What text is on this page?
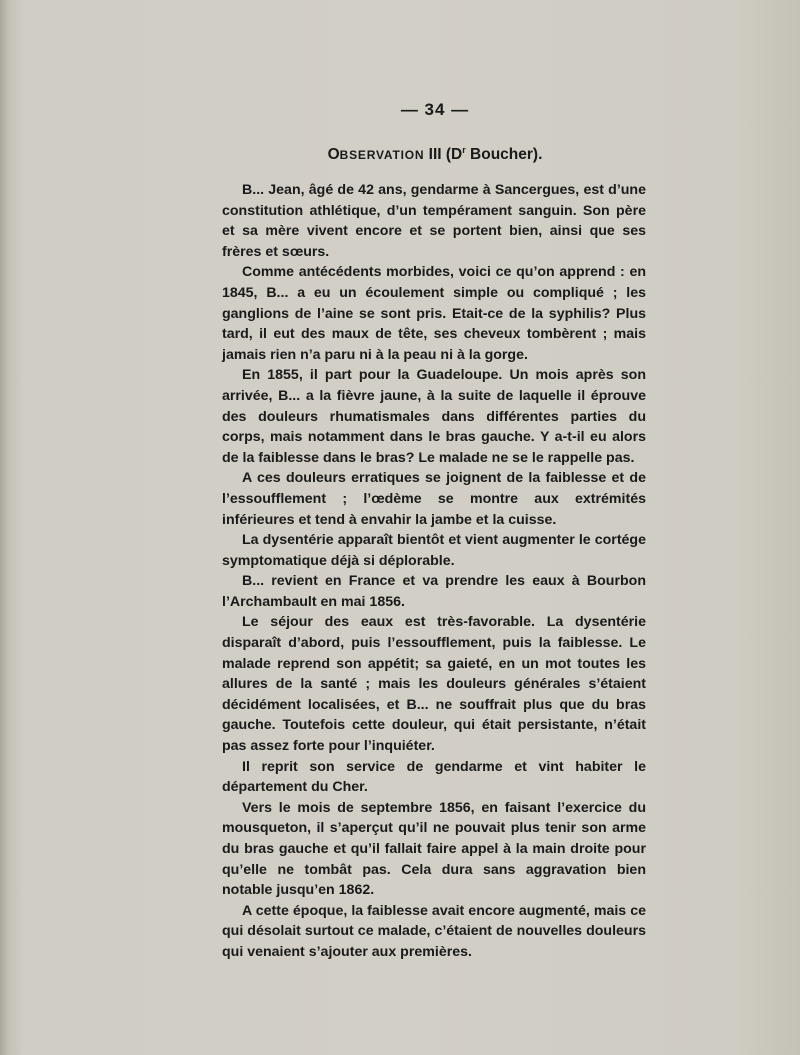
— 34 —
OBSERVATION III ($D^r$ Boucher).

B... Jean, âgé de 42 ans, gendarme à Sancergues, est d’une constitution athlétique, d’un tempérament sanguin. Son père et sa mère vivent encore et se portent bien, ainsi que ses frères et sœurs.

Comme antécédents morbides, voici ce qu’on apprend : en 1845, B... a eu un écoulement simple ou compliqué ; les ganglions de l’aine se sont pris. Etait-ce de la syphilis? Plus tard, il eut des maux de tête, ses cheveux tombèrent ; mais jamais rien n’a paru ni à la peau ni à la gorge.

En 1855, il part pour la Guadeloupe. Un mois après son arrivée, B... a la fièvre jaune, à la suite de laquelle il éprouve des douleurs rhumatismales dans différentes parties du corps, mais notamment dans le bras gauche. Y a-t-il eu alors de la faiblesse dans le bras? Le malade ne se le rappelle pas.

A ces douleurs erratiques se joignent de la faiblesse et de l’essoufflement ; l’œdème se montre aux extrémités inférieures et tend à envahir la jambe et la cuisse.

La dysentérie apparaît bientôt et vient augmenter le cortége symptomatique déjà si déplorable.

B... revient en France et va prendre les eaux à Bourbon l’Archambault en mai 1856.

Le séjour des eaux est très-favorable. La dysentérie disparaît d’abord, puis l’essoufflement, puis la faiblesse. Le malade reprend son appétit; sa gaieté, en un mot toutes les allures de la santé ; mais les douleurs générales s’étaient décidément localisées, et B... ne souffrait plus que du bras gauche. Toutefois cette douleur, qui était persistante, n’était pas assez forte pour l’inquiéter.

Il reprit son service de gendarme et vint habiter le département du Cher.

Vers le mois de septembre 1856, en faisant l’exercice du mousqueton, il s’aperçut qu’il ne pouvait plus tenir son arme du bras gauche et qu’il fallait faire appel à la main droite pour qu’elle ne tombât pas. Cela dura sans aggravation bien notable jusqu’en 1862.

A cette époque, la faiblesse avait encore augmenté, mais ce qui désolait surtout ce malade, c’étaient de nouvelles douleurs qui venaient s’ajouter aux premières.
